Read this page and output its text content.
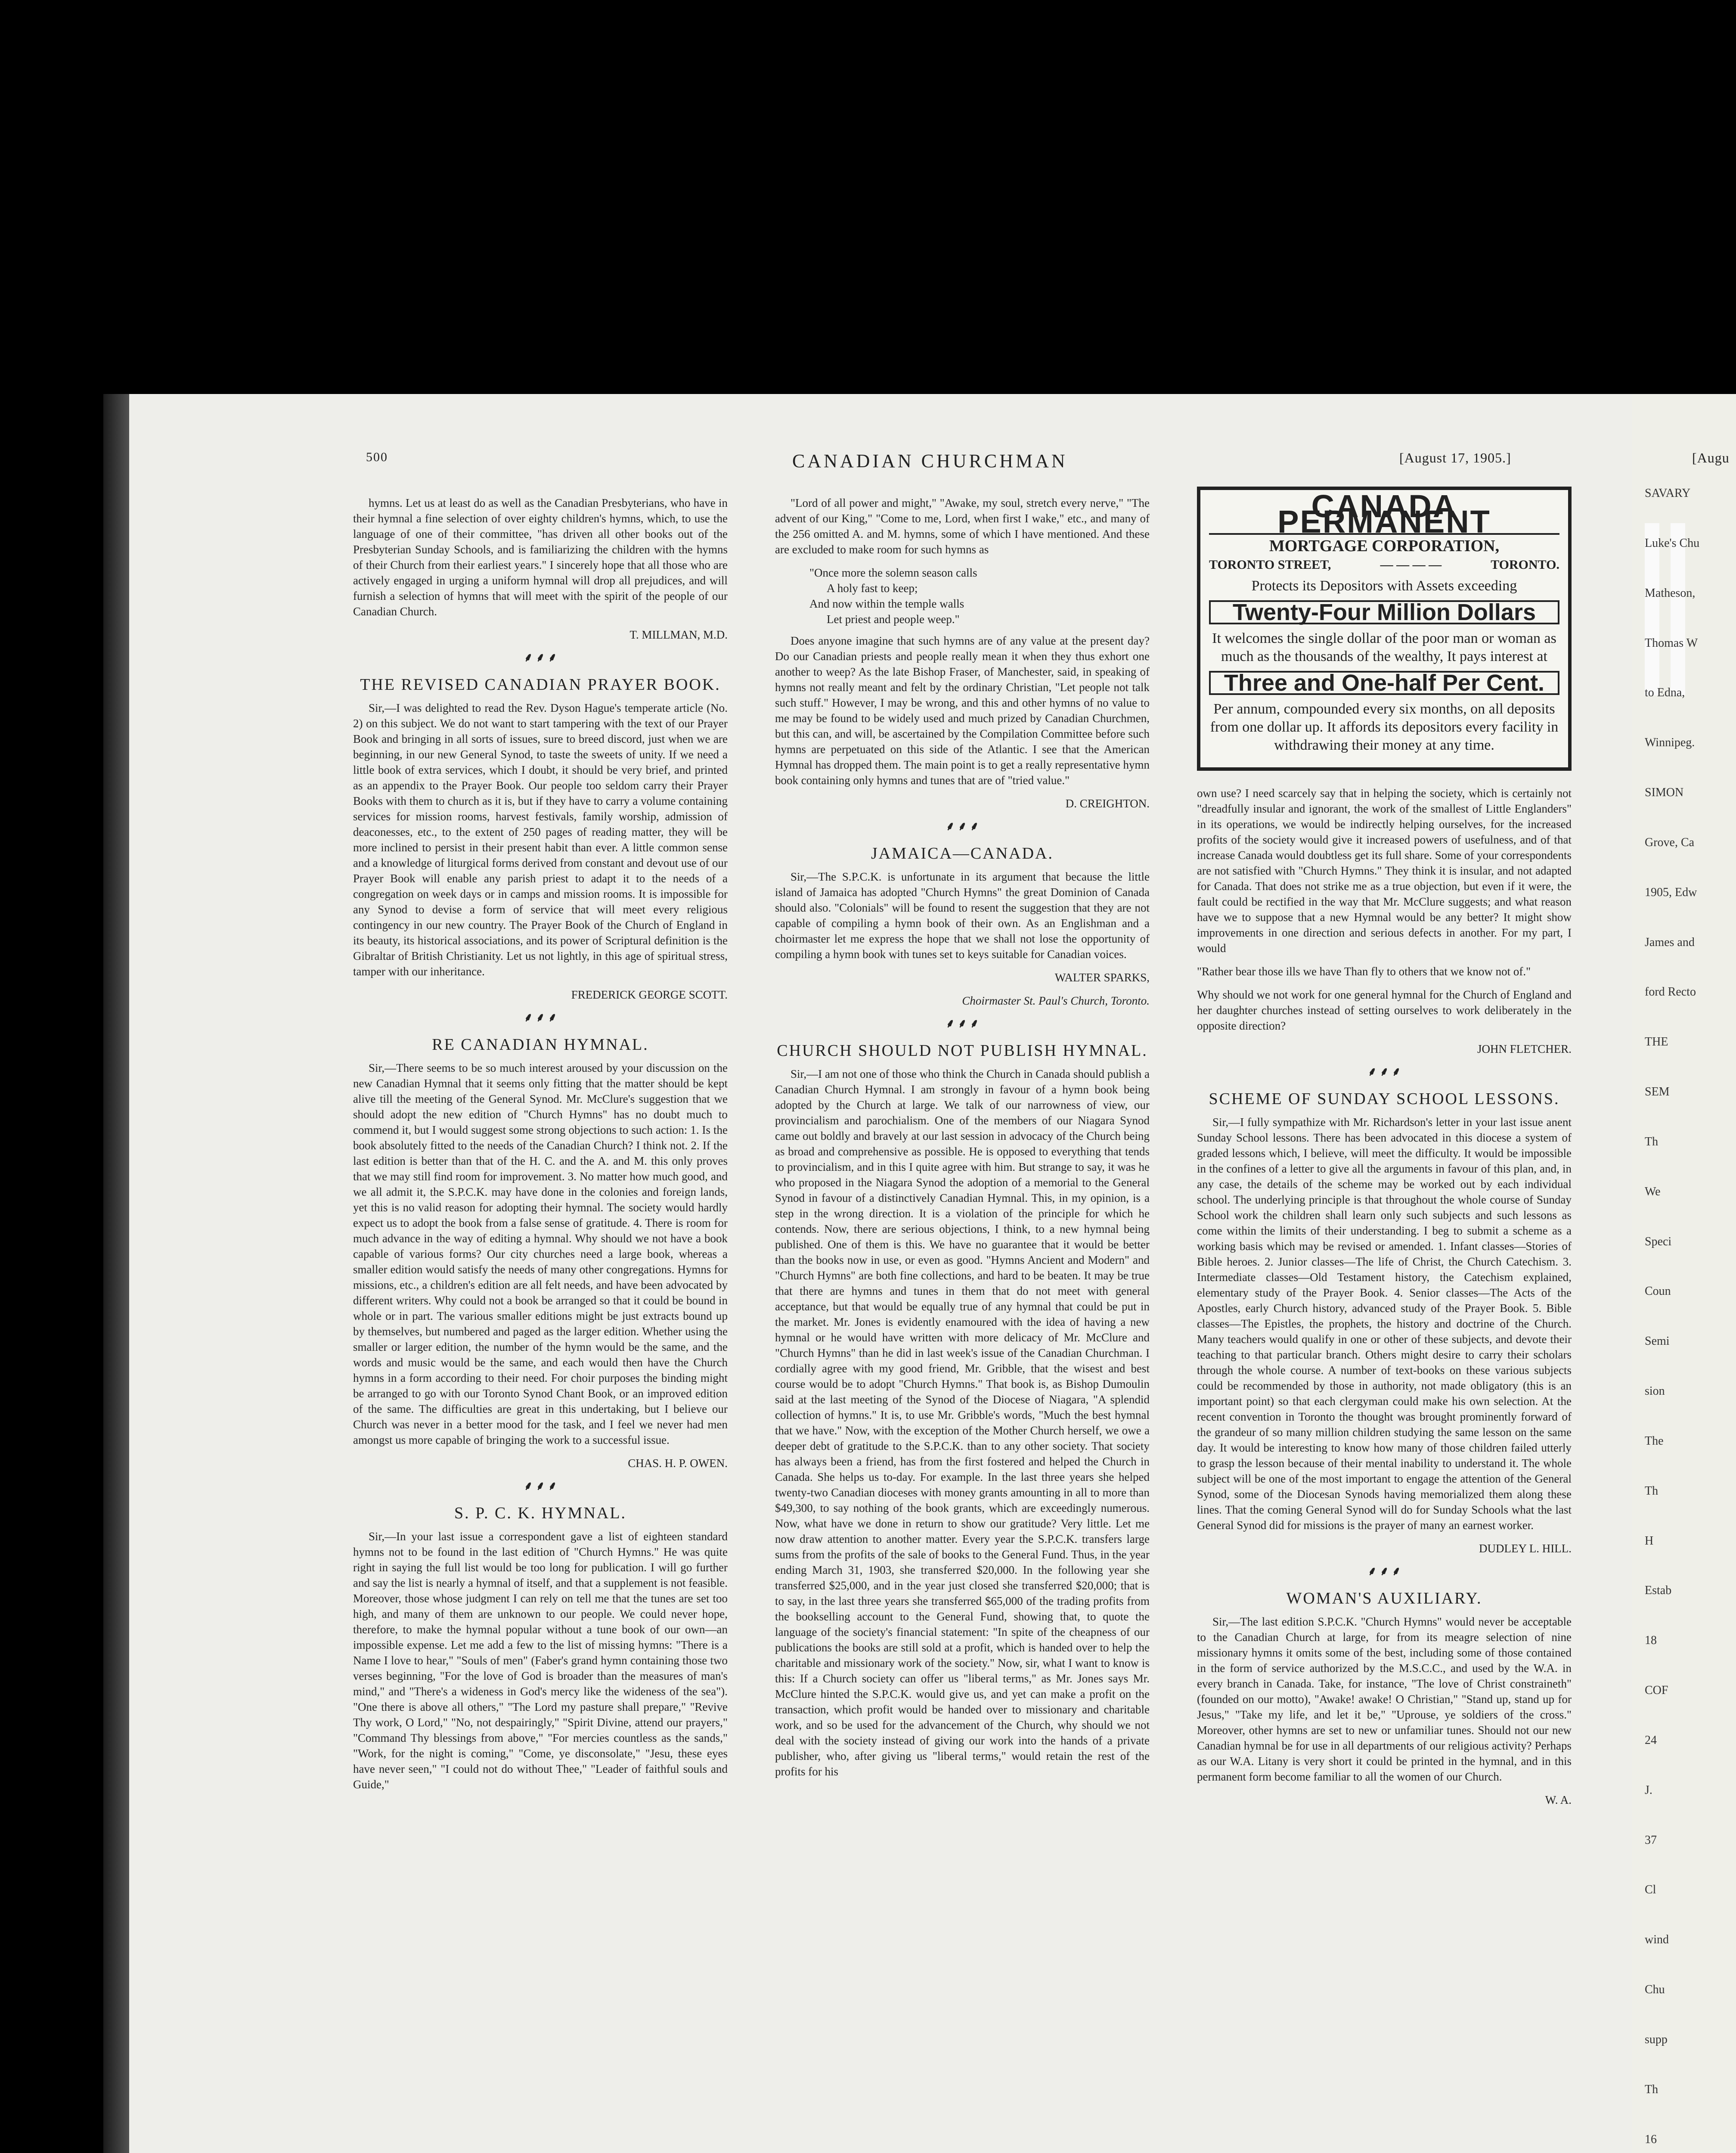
500	CANADIAN CHURCHMAN	[August 17, 1905.]	[Augu

hymns. Let us at least do as well as the Canadian Presbyterians, who have in their hymnal a fine selection of over eighty children's hymns, which, to use the language of one of their committee, "has driven all other books out of the Presbyterian Sunday Schools, and is familiarizing the children with the hymns of their Church from their earliest years." I sincerely hope that all those who are actively engaged in urging a uniform hymnal will drop all prejudices, and will furnish a selection of hymns that will meet with the spirit of the people of our Canadian Church.

T. MILLMAN, M.D.
⸙ ⸙ ⸙
THE REVISED CANADIAN PRAYER BOOK.

Sir,—I was delighted to read the Rev. Dyson Hague's temperate article (No. 2) on this subject. We do not want to start tampering with the text of our Prayer Book and bringing in all sorts of issues, sure to breed discord, just when we are beginning, in our new General Synod, to taste the sweets of unity. If we need a little book of extra services, which I doubt, it should be very brief, and printed as an appendix to the Prayer Book. Our people too seldom carry their Prayer Books with them to church as it is, but if they have to carry a volume containing services for mission rooms, harvest festivals, family worship, admission of deaconesses, etc., to the extent of 250 pages of reading matter, they will be more inclined to persist in their present habit than ever. A little common sense and a knowledge of liturgical forms derived from constant and devout use of our Prayer Book will enable any parish priest to adapt it to the needs of a congregation on week days or in camps and mission rooms. It is impossible for any Synod to devise a form of service that will meet every religious contingency in our new country. The Prayer Book of the Church of England in its beauty, its historical associations, and its power of Scriptural definition is the Gibraltar of British Christianity. Let us not lightly, in this age of spiritual stress, tamper with our inheritance.

FREDERICK GEORGE SCOTT.
⸙ ⸙ ⸙
RE CANADIAN HYMNAL.

Sir,—There seems to be so much interest aroused by your discussion on the new Canadian Hymnal that it seems only fitting that the matter should be kept alive till the meeting of the General Synod. Mr. McClure's suggestion that we should adopt the new edition of "Church Hymns" has no doubt much to commend it, but I would suggest some strong objections to such action: 1. Is the book absolutely fitted to the needs of the Canadian Church? I think not. 2. If the last edition is better than that of the H. C. and the A. and M. this only proves that we may still find room for improvement. 3. No matter how much good, and we all admit it, the S.P.C.K. may have done in the colonies and foreign lands, yet this is no valid reason for adopting their hymnal. The society would hardly expect us to adopt the book from a false sense of gratitude. 4. There is room for much advance in the way of editing a hymnal. Why should we not have a book capable of various forms? Our city churches need a large book, whereas a smaller edition would satisfy the needs of many other congregations. Hymns for missions, etc., a children's edition are all felt needs, and have been advocated by different writers. Why could not a book be arranged so that it could be bound in whole or in part. The various smaller editions might be just extracts bound up by themselves, but numbered and paged as the larger edition. Whether using the smaller or larger edition, the number of the hymn would be the same, and the words and music would be the same, and each would then have the Church hymns in a form according to their need. For choir purposes the binding might be arranged to go with our Toronto Synod Chant Book, or an improved edition of the same. The difficulties are great in this undertaking, but I believe our Church was never in a better mood for the task, and I feel we never had men amongst us more capable of bringing the work to a successful issue.

CHAS. H. P. OWEN.
⸙ ⸙ ⸙
S. P. C. K. HYMNAL.

Sir,—In your last issue a correspondent gave a list of eighteen standard hymns not to be found in the last edition of "Church Hymns." He was quite right in saying the full list would be too long for publication. I will go further and say the list is nearly a hymnal of itself, and that a supplement is not feasible. Moreover, those whose judgment I can rely on tell me that the tunes are set too high, and many of them are unknown to our people. We could never hope, therefore, to make the hymnal popular without a tune book of our own—an impossible expense. Let me add a few to the list of missing hymns: "There is a Name I love to hear," "Souls of men" (Faber's grand hymn containing those two verses beginning, "For the love of God is broader than the measures of man's mind," and "There's a wideness in God's mercy like the wideness of the sea"). "One there is above all others," "The Lord my pasture shall prepare," "Revive Thy work, O Lord," "No, not despairingly," "Spirit Divine, attend our prayers," "Command Thy blessings from above," "For mercies countless as the sands," "Work, for the night is coming," "Come, ye disconsolate," "Jesu, these eyes have never seen," "I could not do without Thee," "Leader of faithful souls and Guide,"

"Lord of all power and might," "Awake, my soul, stretch every nerve," "The advent of our King," "Come to me, Lord, when first I wake," etc., and many of the 256 omitted A. and M. hymns, some of which I have mentioned. And these are excluded to make room for such hymns as

"Once more the solemn season calls
A holy fast to keep;
And now within the temple walls
Let priest and people weep."

Does anyone imagine that such hymns are of any value at the present day? Do our Canadian priests and people really mean it when they thus exhort one another to weep? As the late Bishop Fraser, of Manchester, said, in speaking of hymns not really meant and felt by the ordinary Christian, "Let people not talk such stuff." However, I may be wrong, and this and other hymns of no value to me may be found to be widely used and much prized by Canadian Churchmen, but this can, and will, be ascertained by the Compilation Committee before such hymns are perpetuated on this side of the Atlantic. I see that the American Hymnal has dropped them. The main point is to get a really representative hymn book containing only hymns and tunes that are of "tried value."

D. CREIGHTON.
⸙ ⸙ ⸙
JAMAICA—CANADA.

Sir,—The S.P.C.K. is unfortunate in its argument that because the little island of Jamaica has adopted "Church Hymns" the great Dominion of Canada should also. "Colonials" will be found to resent the suggestion that they are not capable of compiling a hymn book of their own. As an Englishman and a choirmaster let me express the hope that we shall not lose the opportunity of compiling a hymn book with tunes set to keys suitable for Canadian voices.

WALTER SPARKS,
Choirmaster St. Paul's Church, Toronto.
⸙ ⸙ ⸙
CHURCH SHOULD NOT PUBLISH HYMNAL.

Sir,—I am not one of those who think the Church in Canada should publish a Canadian Church Hymnal. I am strongly in favour of a hymn book being adopted by the Church at large. We talk of our narrowness of view, our provincialism and parochialism. One of the members of our Niagara Synod came out boldly and bravely at our last session in advocacy of the Church being as broad and comprehensive as possible. He is opposed to everything that tends to provincialism, and in this I quite agree with him. But strange to say, it was he who proposed in the Niagara Synod the adoption of a memorial to the General Synod in favour of a distinctively Canadian Hymnal. This, in my opinion, is a step in the wrong direction. It is a violation of the principle for which he contends. Now, there are serious objections, I think, to a new hymnal being published. One of them is this. We have no guarantee that it would be better than the books now in use, or even as good. "Hymns Ancient and Modern" and "Church Hymns" are both fine collections, and hard to be beaten. It may be true that there are hymns and tunes in them that do not meet with general acceptance, but that would be equally true of any hymnal that could be put in the market. Mr. Jones is evidently enamoured with the idea of having a new hymnal or he would have written with more delicacy of Mr. McClure and "Church Hymns" than he did in last week's issue of the Canadian Churchman. I cordially agree with my good friend, Mr. Gribble, that the wisest and best course would be to adopt "Church Hymns." That book is, as Bishop Dumoulin said at the last meeting of the Synod of the Diocese of Niagara, "A splendid collection of hymns." It is, to use Mr. Gribble's words, "Much the best hymnal that we have." Now, with the exception of the Mother Church herself, we owe a deeper debt of gratitude to the S.P.C.K. than to any other society. That society has always been a friend, has from the first fostered and helped the Church in Canada. She helps us to-day. For example. In the last three years she helped twenty-two Canadian dioceses with money grants amounting in all to more than $49,300, to say nothing of the book grants, which are exceedingly numerous. Now, what have we done in return to show our gratitude? Very little. Let me now draw attention to another matter. Every year the S.P.C.K. transfers large sums from the profits of the sale of books to the General Fund. Thus, in the year ending March 31, 1903, she transferred $20,000. In the following year she transferred $25,000, and in the year just closed she transferred $20,000; that is to say, in the last three years she transferred $65,000 of the trading profits from the bookselling account to the General Fund, showing that, to quote the language of the society's financial statement: "In spite of the cheapness of our publications the books are still sold at a profit, which is handed over to help the charitable and missionary work of the society." Now, sir, what I want to know is this: If a Church society can offer us "liberal terms," as Mr. Jones says Mr. McClure hinted the S.P.C.K. would give us, and yet can make a profit on the transaction, which profit would be handed over to missionary and charitable work, and so be used for the advancement of the Church, why should we not deal with the society instead of giving our work into the hands of a private publisher, who, after giving us "liberal terms," would retain the rest of the profits for his

CANADA PERMANENT
MORTGAGE CORPORATION,
TORONTO STREET,	— — — —	TORONTO.
Protects its Depositors with Assets exceeding
Twenty-Four Million Dollars
It welcomes the single dollar of the poor man or woman as much as the thousands of the wealthy, It pays interest at
Three and One-half Per Cent.
Per annum, compounded every six months, on all deposits from one dollar up. It affords its depositors every facility in withdrawing their money at any time.

own use? I need scarcely say that in helping the society, which is certainly not "dreadfully insular and ignorant, the work of the smallest of Little Englanders" in its operations, we would be indirectly helping ourselves, for the increased profits of the society would give it increased powers of usefulness, and of that increase Canada would doubtless get its full share. Some of your correspondents are not satisfied with "Church Hymns." They think it is insular, and not adapted for Canada. That does not strike me as a true objection, but even if it were, the fault could be rectified in the way that Mr. McClure suggests; and what reason have we to suppose that a new Hymnal would be any better? It might show improvements in one direction and serious defects in another. For my part, I would

"Rather bear those ills we have Than fly to others that we know not of."

Why should we not work for one general hymnal for the Church of England and her daughter churches instead of setting ourselves to work deliberately in the opposite direction?

JOHN FLETCHER.
⸙ ⸙ ⸙
SCHEME OF SUNDAY SCHOOL LESSONS.

Sir,—I fully sympathize with Mr. Richardson's letter in your last issue anent Sunday School lessons. There has been advocated in this diocese a system of graded lessons which, I believe, will meet the difficulty. It would be impossible in the confines of a letter to give all the arguments in favour of this plan, and, in any case, the details of the scheme may be worked out by each individual school. The underlying principle is that throughout the whole course of Sunday School work the children shall learn only such subjects and such lessons as come within the limits of their understanding. I beg to submit a scheme as a working basis which may be revised or amended. 1. Infant classes—Stories of Bible heroes. 2. Junior classes—The life of Christ, the Church Catechism. 3. Intermediate classes—Old Testament history, the Catechism explained, elementary study of the Prayer Book. 4. Senior classes—The Acts of the Apostles, early Church history, advanced study of the Prayer Book. 5. Bible classes—The Epistles, the prophets, the history and doctrine of the Church. Many teachers would qualify in one or other of these subjects, and devote their teaching to that particular branch. Others might desire to carry their scholars through the whole course. A number of text-books on these various subjects could be recommended by those in authority, not made obligatory (this is an important point) so that each clergyman could make his own selection. At the recent convention in Toronto the thought was brought prominently forward of the grandeur of so many million children studying the same lesson on the same day. It would be interesting to know how many of those children failed utterly to grasp the lesson because of their mental inability to understand it. The whole subject will be one of the most important to engage the attention of the General Synod, some of the Diocesan Synods having memorialized them along these lines. That the coming General Synod will do for Sunday Schools what the last General Synod did for missions is the prayer of many an earnest worker.

DUDLEY L. HILL.
⸙ ⸙ ⸙
WOMAN'S AUXILIARY.

Sir,—The last edition S.P.C.K. "Church Hymns" would never be acceptable to the Canadian Church at large, for from its meagre selection of nine missionary hymns it omits some of the best, including some of those contained in the form of service authorized by the M.S.C.C., and used by the W.A. in every branch in Canada. Take, for instance, "The love of Christ constraineth" (founded on our motto), "Awake! awake! O Christian," "Stand up, stand up for Jesus," "Take my life, and let it be," "Uprouse, ye soldiers of the cross." Moreover, other hymns are set to new or unfamiliar tunes. Should not our new Canadian hymnal be for use in all departments of our religious activity? Perhaps as our W.A. Litany is very short it could be printed in the hymnal, and in this permanent form become familiar to all the women of our Church.

W. A.
SAVARY
Luke's Chu
Matheson,
Thomas W
to Edna,
Winnipeg.
SIMON
Grove, Ca
1905, Edw
James and
ford Recto
THE
SEM
Th
We
Speci
Coun
Semi
sion
The
Th
H
Estab
18
COF
24
J.
37
Cl
wind
Chu
supp
Th
16
